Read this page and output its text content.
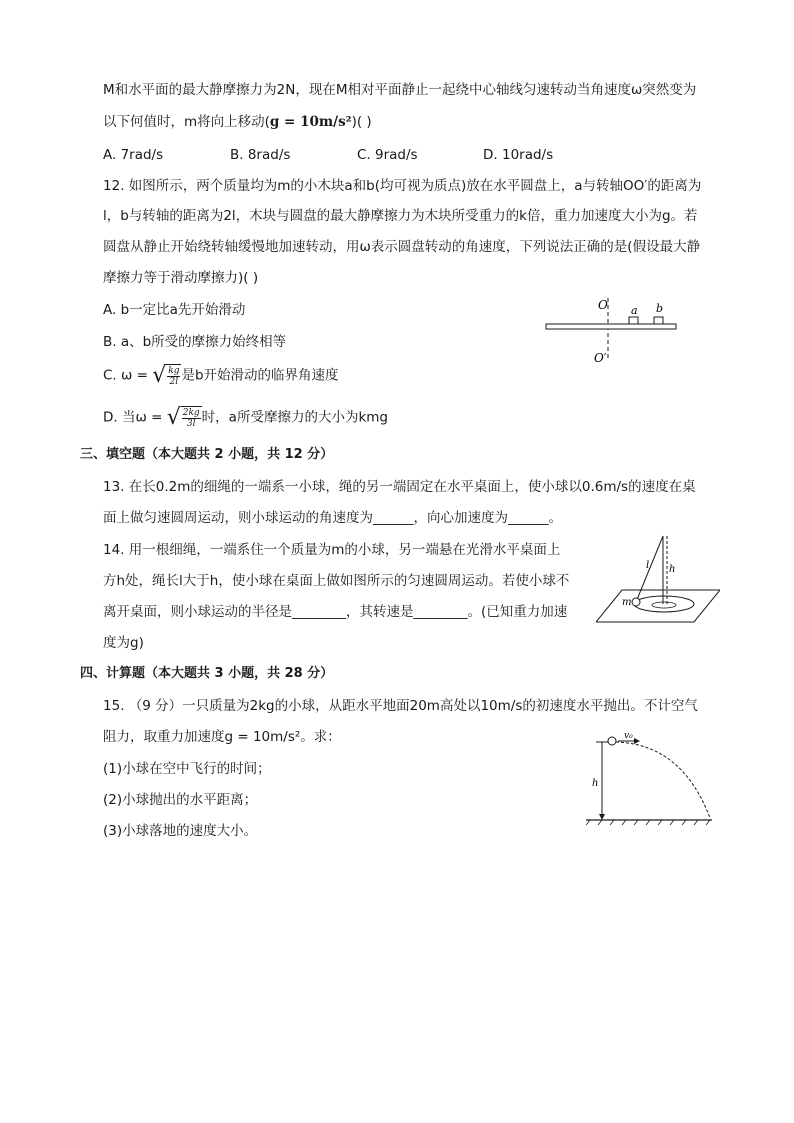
M和水平面的最大静摩擦力为2N，现在M相对平面静止一起绕中心轴线匀速转动当角速度ω突然变为
以下何值时，m将向上移动(g = 10m/s²)( )
A. 7rad/s	B. 8rad/s	C. 9rad/s	D. 10rad/s
12. 如图所示，两个质量均为m的小木块a和b(均可视为质点)放在水平圆盘上，a与转轴OO′的距离为
l，b与转轴的距离为2l，木块与圆盘的最大静摩擦力为木块所受重力的k倍，重力加速度大小为g。若
圆盘从静止开始绕转轴缓慢地加速转动，用ω表示圆盘转动的角速度，下列说法正确的是(假设最大静
摩擦力等于滑动摩擦力)( )
A. b一定比a先开始滑动
B. a、b所受的摩擦力始终相等
C. ω = √ $\frac{kg}{2l}$ 是b开始滑动的临界角速度
D. 当ω = √ $\frac{2kg}{3l}$ 时，a所受摩擦力的大小为kmg
O a b
O′
三、填空题（本大题共 2 小题，共 12 分）
13. 在长0.2m的细绳的一端系一小球，绳的另一端固定在水平桌面上，使小球以0.6m/s的速度在桌
面上做匀速圆周运动，则小球运动的角速度为______，向心加速度为______。
14. 用一根细绳，一端系住一个质量为m的小球，另一端悬在光滑水平桌面上
方h处，绳长l大于h，使小球在桌面上做如图所示的匀速圆周运动。若使小球不
离开桌面，则小球运动的半径是________，其转速是________。(已知重力加速
度为g)
l h
m
四、计算题（本大题共 3 小题，共 28 分）
15. （9 分）一只质量为2kg的小球，从距水平地面20m高处以10m/s的初速度水平抛出。不计空气
阻力，取重力加速度g = 10m/s²。求：
(1)小球在空中飞行的时间；
(2)小球抛出的水平距离；
(3)小球落地的速度大小。
v₀
h
